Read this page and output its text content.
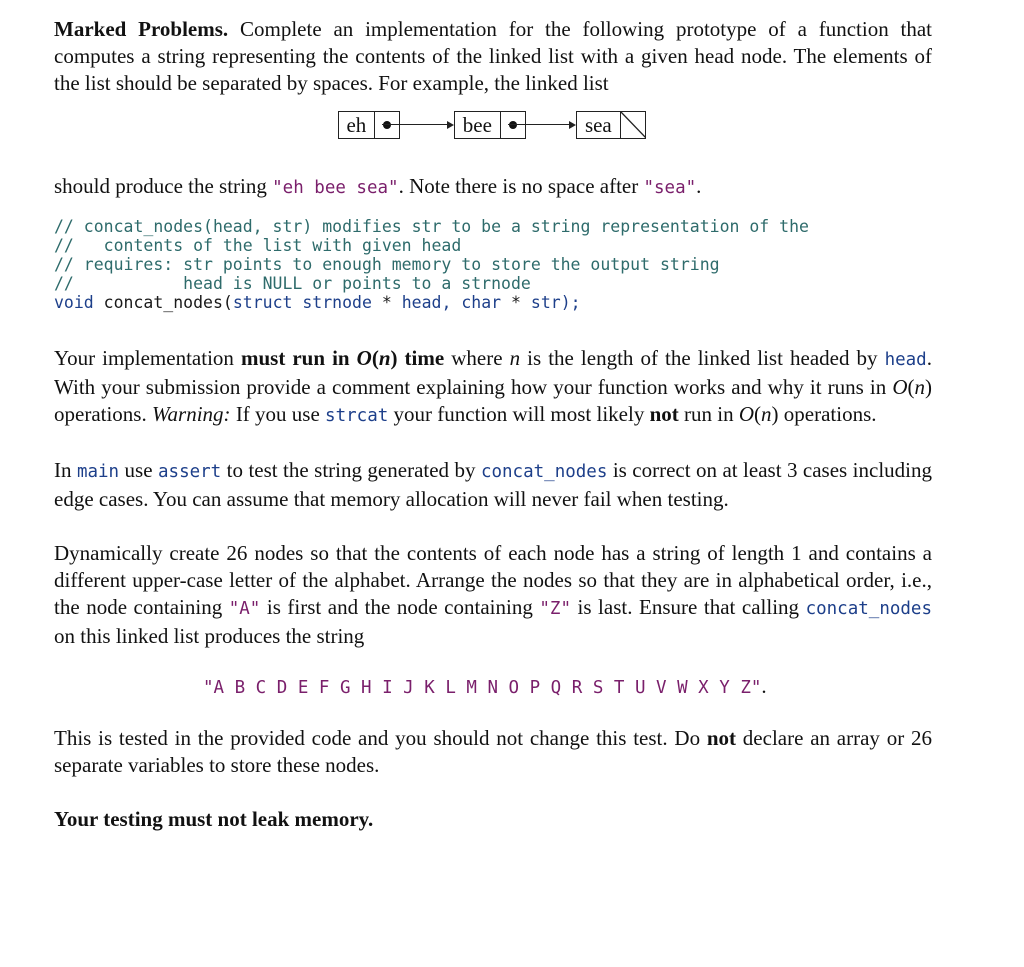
Marked Problems. Complete an implementation for the following prototype of a function that computes a string representing the contents of the linked list with a given head node. The elements of the list should be separated by spaces. For example, the linked list

eh	bee	sea

should produce the string "eh bee sea". Note there is no space after "sea".

// concat_nodes(head, str) modifies str to be a string representation of the
//   contents of the list with given head
// requires: str points to enough memory to store the output string
//           head is NULL or points to a strnode
void concat_nodes(struct strnode * head, char * str);

Your implementation must run in O(n) time where n is the length of the linked list headed by head. With your submission provide a comment explaining how your function works and why it runs in O(n) operations. Warning: If you use strcat your function will most likely not run in O(n) operations.

In main use assert to test the string generated by concat_nodes is correct on at least 3 cases including edge cases. You can assume that memory allocation will never fail when testing.

Dynamically create 26 nodes so that the contents of each node has a string of length 1 and contains a different upper-case letter of the alphabet. Arrange the nodes so that they are in alphabetical order, i.e., the node containing "A" is first and the node containing "Z" is last. Ensure that calling concat_nodes on this linked list produces the string

"A B C D E F G H I J K L M N O P Q R S T U V W X Y Z".

This is tested in the provided code and you should not change this test. Do not declare an array or 26 separate variables to store these nodes.

Your testing must not leak memory.
